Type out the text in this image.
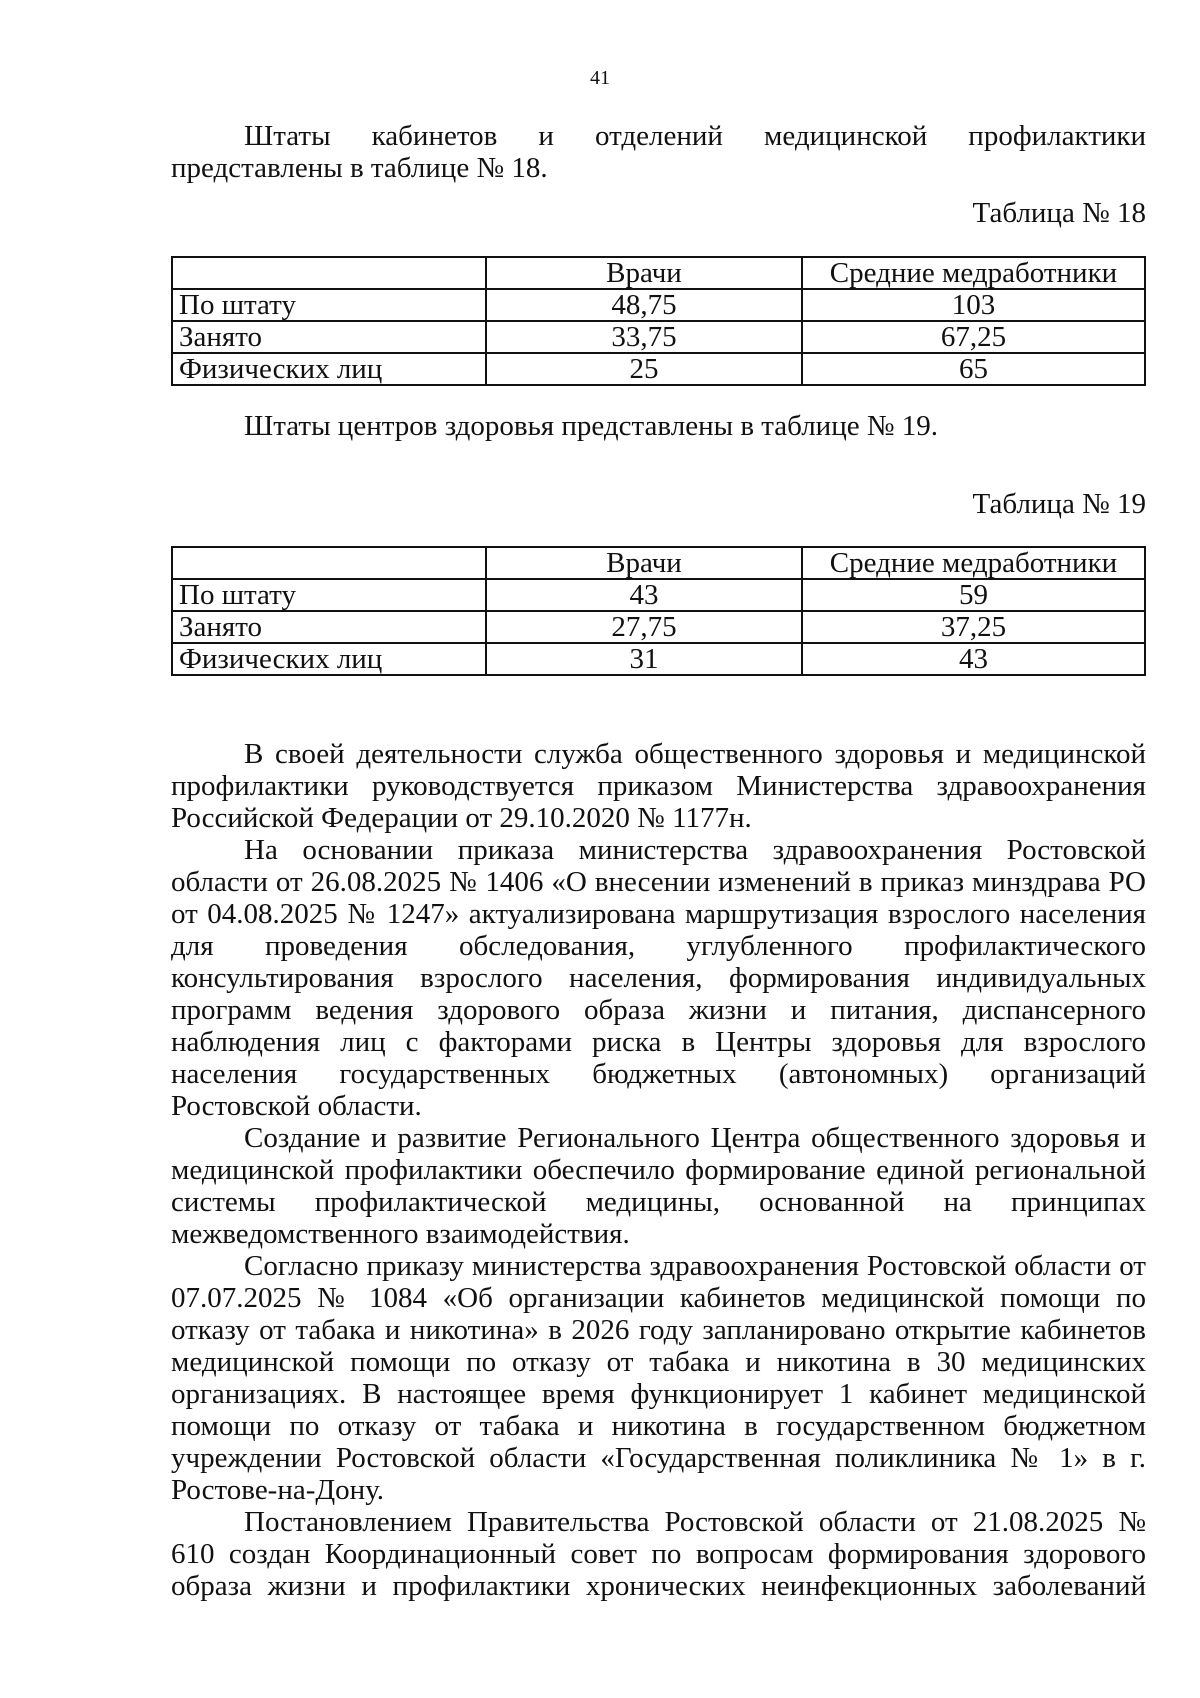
41

Штаты кабинетов и отделений медицинской профилактики представлены в таблице № 18.

Таблица № 18

	Врачи	Средние медработники
По штату	48,75	103
Занято	33,75	67,25
Физических лиц	25	65

Штаты центров здоровья представлены в таблице № 19.

Таблица № 19

	Врачи	Средние медработники
По штату	43	59
Занято	27,75	37,25
Физических лиц	31	43

В своей деятельности служба общественного здоровья и медицинской профилактики руководствуется приказом Министерства здравоохранения Российской Федерации от 29.10.2020 № 1177н.

На основании приказа министерства здравоохранения Ростовской области от 26.08.2025 № 1406 «О внесении изменений в приказ минздрава РО от 04.08.2025 № 1247» актуализирована маршрутизация взрослого населения для проведения обследования, углубленного профилактического консультирования взрослого населения, формирования индивидуальных программ ведения здорового образа жизни и питания, диспансерного наблюдения лиц с факторами риска в Центры здоровья для взрослого населения государственных бюджетных (автономных) организаций Ростовской области.

Создание и развитие Регионального Центра общественного здоровья и медицинской профилактики обеспечило формирование единой региональной системы профилактической медицины, основанной на принципах межведомственного взаимодействия.

Согласно приказу министерства здравоохранения Ростовской области от 07.07.2025 № 1084 «Об организации кабинетов медицинской помощи по отказу от табака и никотина» в 2026 году запланировано открытие кабинетов медицинской помощи по отказу от табака и никотина в 30 медицинских организациях. В настоящее время функционирует 1 кабинет медицинской помощи по отказу от табака и никотина в государственном бюджетном учреждении Ростовской области «Государственная поликлиника № 1» в г. Ростове-на-Дону.

Постановлением Правительства Ростовской области от 21.08.2025 № 610 создан Координационный совет по вопросам формирования здорового образа жизни и профилактики хронических неинфекционных заболеваний
